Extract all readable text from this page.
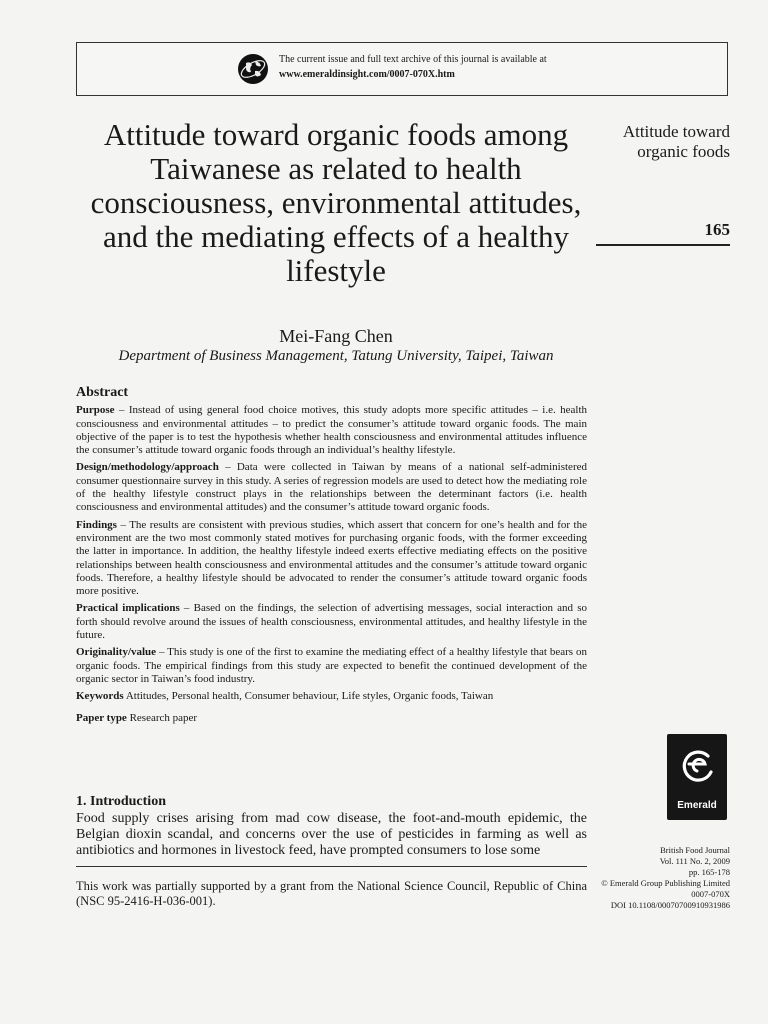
The current issue and full text archive of this journal is available at
www.emeraldinsight.com/0007-070X.htm
Attitude toward organic foods among Taiwanese as related to health consciousness, environmental attitudes, and the mediating effects of a healthy lifestyle
Mei-Fang Chen
Department of Business Management, Tatung University, Taipei, Taiwan
Attitude toward organic foods
165
Abstract

Purpose – Instead of using general food choice motives, this study adopts more specific attitudes – i.e. health consciousness and environmental attitudes – to predict the consumer’s attitude toward organic foods. The main objective of the paper is to test the hypothesis whether health consciousness and environmental attitudes influence the consumer’s attitude toward organic foods through an individual’s healthy lifestyle.

Design/methodology/approach – Data were collected in Taiwan by means of a national self-administered consumer questionnaire survey in this study. A series of regression models are used to detect how the mediating role of the healthy lifestyle construct plays in the relationships between the determinant factors (i.e. health consciousness and environmental attitudes) and the consumer’s attitude toward organic foods.

Findings – The results are consistent with previous studies, which assert that concern for one’s health and for the environment are the two most commonly stated motives for purchasing organic foods, with the former exceeding the latter in importance. In addition, the healthy lifestyle indeed exerts effective mediating effects on the positive relationships between health consciousness and environmental attitudes and the consumer’s attitude toward organic foods. Therefore, a healthy lifestyle should be advocated to render the consumer’s attitude toward organic foods more positive.

Practical implications – Based on the findings, the selection of advertising messages, social interaction and so forth should revolve around the issues of health consciousness, environmental attitudes, and healthy lifestyle in the future.

Originality/value – This study is one of the first to examine the mediating effect of a healthy lifestyle that bears on organic foods. The empirical findings from this study are expected to benefit the continued development of the organic sector in Taiwan’s food industry.

Keywords Attitudes, Personal health, Consumer behaviour, Life styles, Organic foods, Taiwan

Paper type Research paper

1. Introduction

Food supply crises arising from mad cow disease, the foot-and-mouth epidemic, the Belgian dioxin scandal, and concerns over the use of pesticides in farming as well as antibiotics and hormones in livestock feed, have prompted consumers to lose some

This work was partially supported by a grant from the National Science Council, Republic of China (NSC 95-2416-H-036-001).
Emerald
British Food Journal
Vol. 111 No. 2, 2009
pp. 165-178
© Emerald Group Publishing Limited
0007-070X
DOI 10.1108/00070700910931986
